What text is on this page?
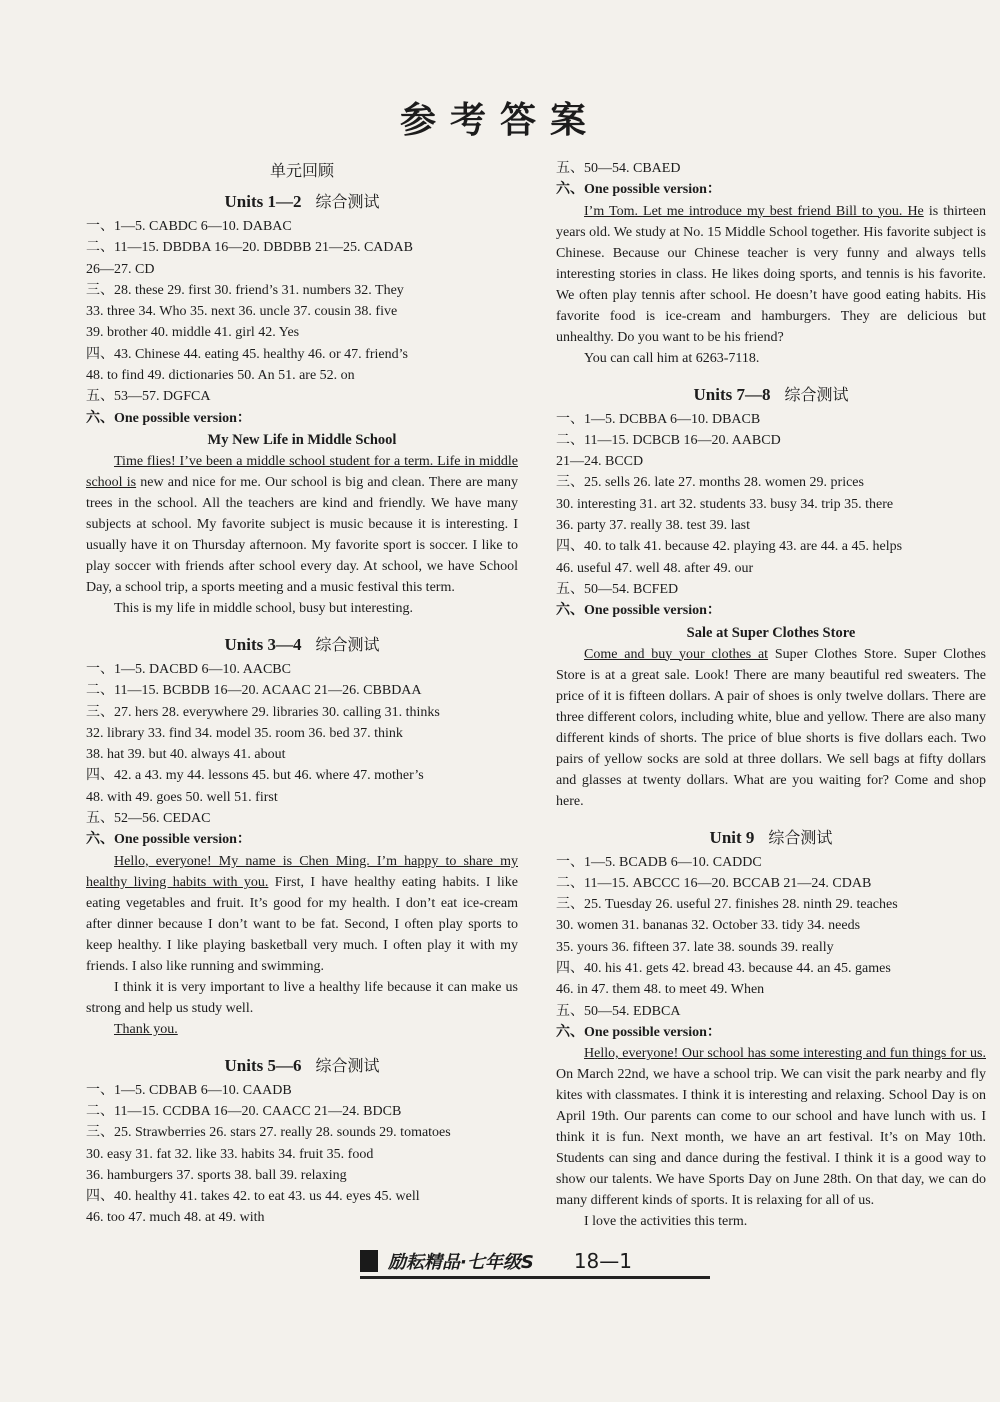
参考答案
单元回顾
Units 1—2 综合测试
一、1—5. CABDC 6—10. DABAC
二、11—15. DBDBA 16—20. DBDBB 21—25. CADAB
26—27. CD
三、28. these 29. first 30. friend’s 31. numbers 32. They
33. three 34. Who 35. next 36. uncle 37. cousin 38. five
39. brother 40. middle 41. girl 42. Yes
四、43. Chinese 44. eating 45. healthy 46. or 47. friend’s
48. to find 49. dictionaries 50. An 51. are 52. on
五、53—57. DGFCA
六、One possible version：
My New Life in Middle School

Time flies! I’ve been a middle school student for a term. Life in middle school is new and nice for me. Our school is big and clean. There are many trees in the school. All the teachers are kind and friendly. We have many subjects at school. My favorite subject is music because it is interesting. I usually have it on Thursday afternoon. My favorite sport is soccer. I like to play soccer with friends after school every day. At school, we have School Day, a school trip, a sports meeting and a music festival this term.

This is my life in middle school, busy but interesting.

Units 3—4 综合测试
一、1—5. DACBD 6—10. AACBC
二、11—15. BCBDB 16—20. ACAAC 21—26. CBBDAA
三、27. hers 28. everywhere 29. libraries 30. calling 31. thinks
32. library 33. find 34. model 35. room 36. bed 37. think
38. hat 39. but 40. always 41. about
四、42. a 43. my 44. lessons 45. but 46. where 47. mother’s
48. with 49. goes 50. well 51. first
五、52—56. CEDAC
六、One possible version：

Hello, everyone! My name is Chen Ming. I’m happy to share my healthy living habits with you. First, I have healthy eating habits. I like eating vegetables and fruit. It’s good for my health. I don’t eat ice-cream after dinner because I don’t want to be fat. Second, I often play sports to keep healthy. I like playing basketball very much. I often play it with my friends. I also like running and swimming.

I think it is very important to live a healthy life because it can make us strong and help us study well.

Thank you.

Units 5—6 综合测试
一、1—5. CDBAB 6—10. CAADB
二、11—15. CCDBA 16—20. CAACC 21—24. BDCB
三、25. Strawberries 26. stars 27. really 28. sounds 29. tomatoes
30. easy 31. fat 32. like 33. habits 34. fruit 35. food
36. hamburgers 37. sports 38. ball 39. relaxing
四、40. healthy 41. takes 42. to eat 43. us 44. eyes 45. well
46. too 47. much 48. at 49. with
五、50—54. CBAED
六、One possible version：

I’m Tom. Let me introduce my best friend Bill to you. He is thirteen years old. We study at No. 15 Middle School together. His favorite subject is Chinese. Because our Chinese teacher is very funny and always tells interesting stories in class. He likes doing sports, and tennis is his favorite. We often play tennis after school. He doesn’t have good eating habits. His favorite food is ice-cream and hamburgers. They are delicious but unhealthy. Do you want to be his friend?

You can call him at 6263-7118.

Units 7—8 综合测试
一、1—5. DCBBA 6—10. DBACB
二、11—15. DCBCB 16—20. AABCD
21—24. BCCD
三、25. sells 26. late 27. months 28. women 29. prices
30. interesting 31. art 32. students 33. busy 34. trip 35. there
36. party 37. really 38. test 39. last
四、40. to talk 41. because 42. playing 43. are 44. a 45. helps
46. useful 47. well 48. after 49. our
五、50—54. BCFED
六、One possible version：
Sale at Super Clothes Store

Come and buy your clothes at Super Clothes Store. Super Clothes Store is at a great sale. Look! There are many beautiful red sweaters. The price of it is fifteen dollars. A pair of shoes is only twelve dollars. There are three different colors, including white, blue and yellow. There are also many different kinds of shorts. The price of blue shorts is five dollars each. Two pairs of yellow socks are sold at three dollars. We sell bags at fifty dollars and glasses at twenty dollars. What are you waiting for? Come and shop here.

Unit 9 综合测试
一、1—5. BCADB 6—10. CADDC
二、11—15. ABCCC 16—20. BCCAB 21—24. CDAB
三、25. Tuesday 26. useful 27. finishes 28. ninth 29. teaches
30. women 31. bananas 32. October 33. tidy 34. needs
35. yours 36. fifteen 37. late 38. sounds 39. really
四、40. his 41. gets 42. bread 43. because 44. an 45. games
46. in 47. them 48. to meet 49. When
五、50—54. EDBCA
六、One possible version：

Hello, everyone! Our school has some interesting and fun things for us. On March 22nd, we have a school trip. We can visit the park nearby and fly kites with classmates. I think it is interesting and relaxing. School Day is on April 19th. Our parents can come to our school and have lunch with us. I think it is fun. Next month, we have an art festival. It’s on May 10th. Students can sing and dance during the festival. I think it is a good way to show our talents. We have Sports Day on June 28th. On that day, we can do many different kinds of sports. It is relaxing for all of us.

I love the activities this term.

励耘精品·七年级S 18—1
